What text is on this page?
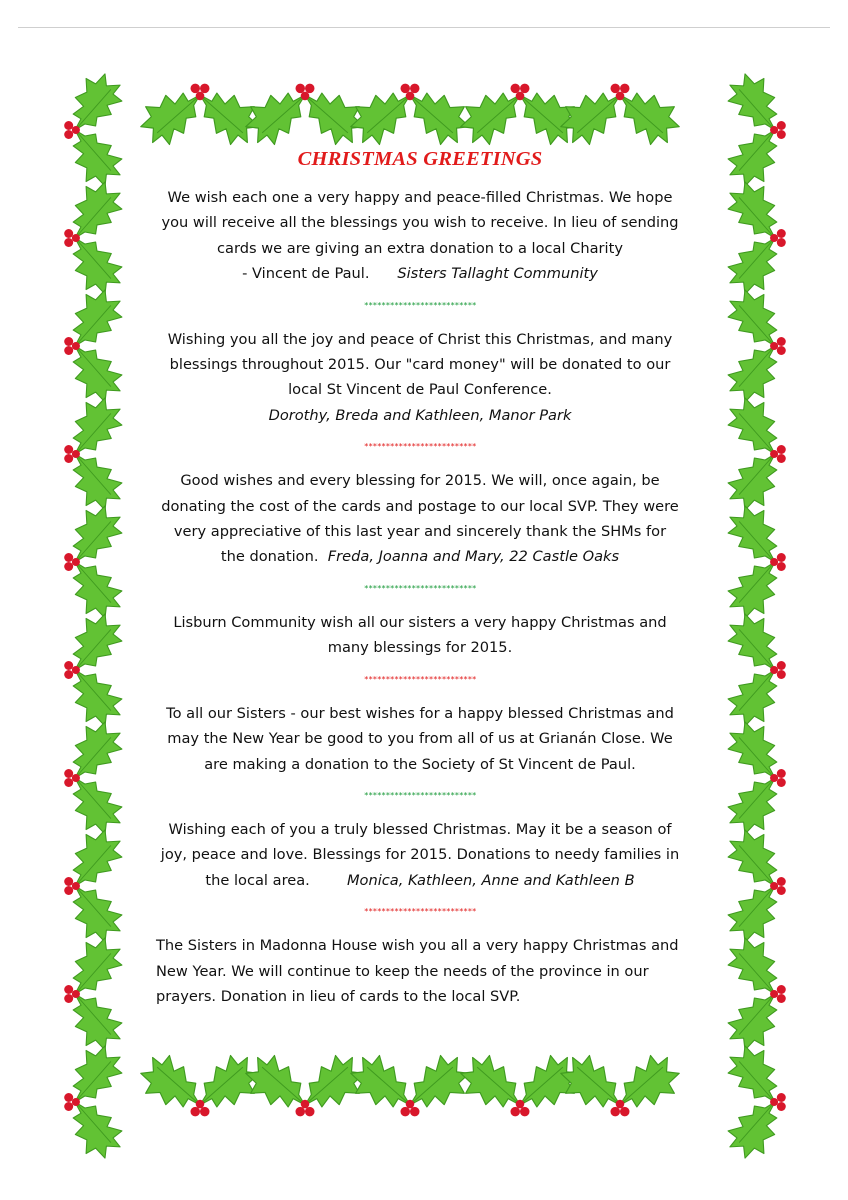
CHRISTMAS GREETINGS

We wish each one a very happy and peace-filled Christmas. We hope
you will receive all the blessings you wish to receive. In lieu of sending
cards we are giving an extra donation to a local Charity
- Vincent de Paul. Sisters Tallaght Community

**************************

Wishing you all the joy and peace of Christ this Christmas, and many
blessings throughout 2015. Our "card money" will be donated to our
local St Vincent de Paul Conference.
Dorothy, Breda and Kathleen, Manor Park

**************************

Good wishes and every blessing for 2015. We will, once again, be
donating the cost of the cards and postage to our local SVP. They were
very appreciative of this last year and sincerely thank the SHMs for
the donation. Freda, Joanna and Mary, 22 Castle Oaks

**************************

Lisburn Community wish all our sisters a very happy Christmas and
many blessings for 2015.

**************************

To all our Sisters - our best wishes for a happy blessed Christmas and
may the New Year be good to you from all of us at Grianán Close. We
are making a donation to the Society of St Vincent de Paul.

**************************

Wishing each of you a truly blessed Christmas. May it be a season of
joy, peace and love. Blessings for 2015. Donations to needy families in
the local area.	Monica, Kathleen, Anne and Kathleen B

**************************

The Sisters in Madonna House wish you all a very happy Christmas and
New Year. We will continue to keep the needs of the province in our
prayers. Donation in lieu of cards to the local SVP.
